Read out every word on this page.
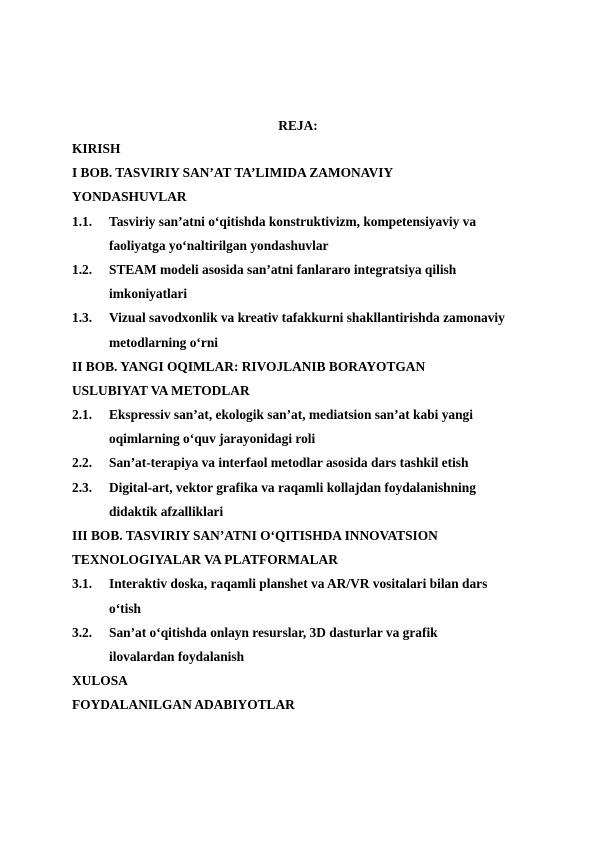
REJA:
KIRISH
I BOB. TASVIRIY SAN’AT TA’LIMIDA ZAMONAVIY
YONDASHUVLAR
1.1. Tasviriy san’atni o‘qitishda konstruktivizm, kompetensiyaviy va
faoliyatga yo‘naltirilgan yondashuvlar
1.2. STEAM modeli asosida san’atni fanlararo integratsiya qilish
imkoniyatlari
1.3. Vizual savodxonlik va kreativ tafakkurni shakllantirishda zamonaviy
metodlarning o‘rni
II BOB. YANGI OQIMLAR: RIVOJLANIB BORAYOTGAN
USLUBIYAT VA METODLAR
2.1. Ekspressiv san’at, ekologik san’at, mediatsion san’at kabi yangi
oqimlarning o‘quv jarayonidagi roli
2.2. San’at-terapiya va interfaol metodlar asosida dars tashkil etish
2.3. Digital-art, vektor grafika va raqamli kollajdan foydalanishning
didaktik afzalliklari
III BOB. TASVIRIY SAN’ATNI O‘QITISHDA INNOVATSION
TEXNOLOGIYALAR VA PLATFORMALAR
3.1. Interaktiv doska, raqamli planshet va AR/VR vositalari bilan dars
o‘tish
3.2. San’at o‘qitishda onlayn resurslar, 3D dasturlar va grafik
ilovalardan foydalanish
XULOSA
FOYDALANILGAN ADABIYOTLAR
